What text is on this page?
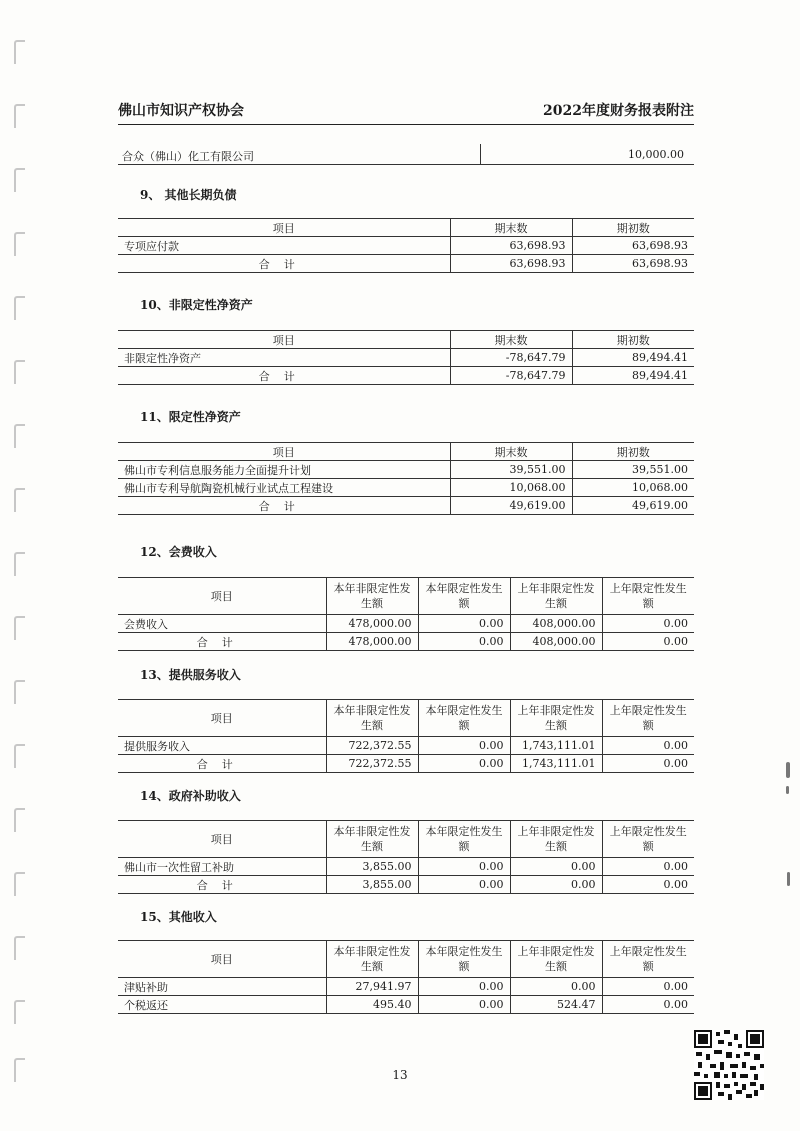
佛山市知识产权协会	2022年度财务报表附注
合众（佛山）化工有限公司	10,000.00
9、 其他长期负债
项目	期末数	期初数
专项应付款	63,698.93	63,698.93
合计	63,698.93	63,698.93
10、非限定性净资产
项目	期末数	期初数
非限定性净资产	-78,647.79	89,494.41
合计	-78,647.79	89,494.41
11、限定性净资产
项目	期末数	期初数
佛山市专利信息服务能力全面提升计划	39,551.00	39,551.00
佛山市专利导航陶瓷机械行业试点工程建设	10,068.00	10,068.00
合计	49,619.00	49,619.00
12、会费收入
项目	本年非限定性发生额	本年限定性发生额	上年非限定性发生额	上年限定性发生额
会费收入	478,000.00	0.00	408,000.00	0.00
合计	478,000.00	0.00	408,000.00	0.00
13、提供服务收入
项目	本年非限定性发生额	本年限定性发生额	上年非限定性发生额	上年限定性发生额
提供服务收入	722,372.55	0.00	1,743,111.01	0.00
合计	722,372.55	0.00	1,743,111.01	0.00
14、政府补助收入
项目	本年非限定性发生额	本年限定性发生额	上年非限定性发生额	上年限定性发生额
佛山市一次性留工补助	3,855.00	0.00	0.00	0.00
合计	3,855.00	0.00	0.00	0.00
15、其他收入
项目	本年非限定性发生额	本年限定性发生额	上年非限定性发生额	上年限定性发生额
津贴补助	27,941.97	0.00	0.00	0.00
个税返还	495.40	0.00	524.47	0.00
13
